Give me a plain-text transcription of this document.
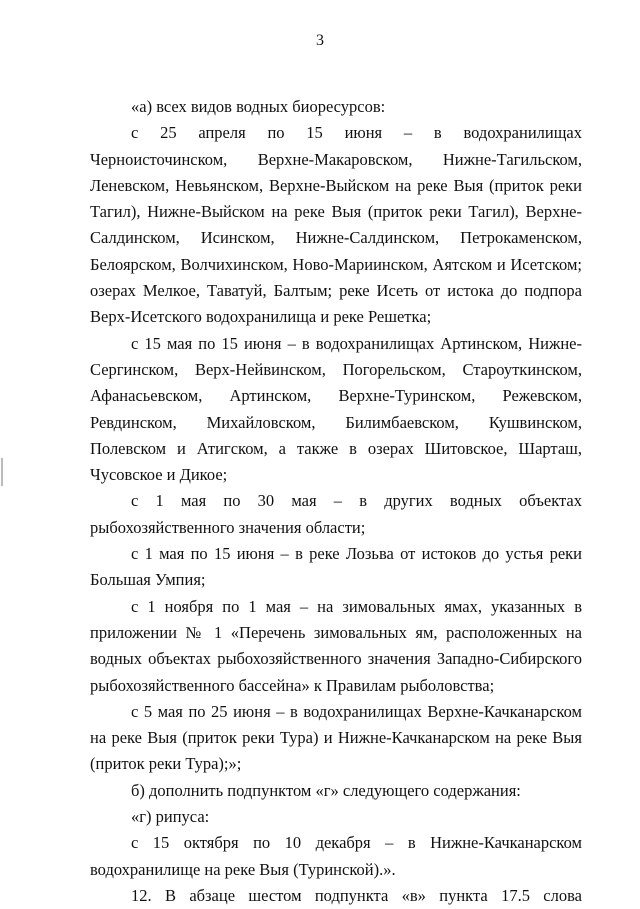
3

«а) всех видов водных биоресурсов:

с 25 апреля по 15 июня – в водохранилищах Черноисточинском, Верхне-Макаровском, Нижне-Тагильском, Леневском, Невьянском, Верхне-Выйском на реке Выя (приток реки Тагил), Нижне-Выйском на реке Выя (приток реки Тагил), Верхне-Салдинском, Исинском, Нижне-Салдинском, Петрокаменском, Белоярском, Волчихинском, Ново-Мариинском, Аятском и Исетском; озерах Мелкое, Таватуй, Балтым; реке Исеть от истока до подпора Верх-Исетского водохранилища и реке Решетка;

с 15 мая по 15 июня – в водохранилищах Артинском, Нижне-Сергинском, Верх-Нейвинском, Погорельском, Староуткинском, Афанасьевском, Артинском, Верхне-Туринском, Режевском, Ревдинском, Михайловском, Билимбаевском, Кушвинском, Полевском и Атигском, а также в озерах Шитовское, Шарташ, Чусовское и Дикое;

с 1 мая по 30 мая – в других водных объектах рыбохозяйственного значения области;

с 1 мая по 15 июня – в реке Лозьва от истоков до устья реки Большая Умпия;

с 1 ноября по 1 мая – на зимовальных ямах, указанных в приложении № 1 «Перечень зимовальных ям, расположенных на водных объектах рыбохозяйственного значения Западно-Сибирского рыбохозяйственного бассейна» к Правилам рыболовства;

с 5 мая по 25 июня – в водохранилищах Верхне-Качканарском на реке Выя (приток реки Тура) и Нижне-Качканарском на реке Выя (приток реки Тура);»;

б) дополнить подпунктом «г» следующего содержания:

«г) рипуса:

с 15 октября по 10 декабря – в Нижне-Качканарском водохранилище на реке Выя (Туринской).».

12. В абзаце шестом подпункта «в» пункта 17.5 слова
